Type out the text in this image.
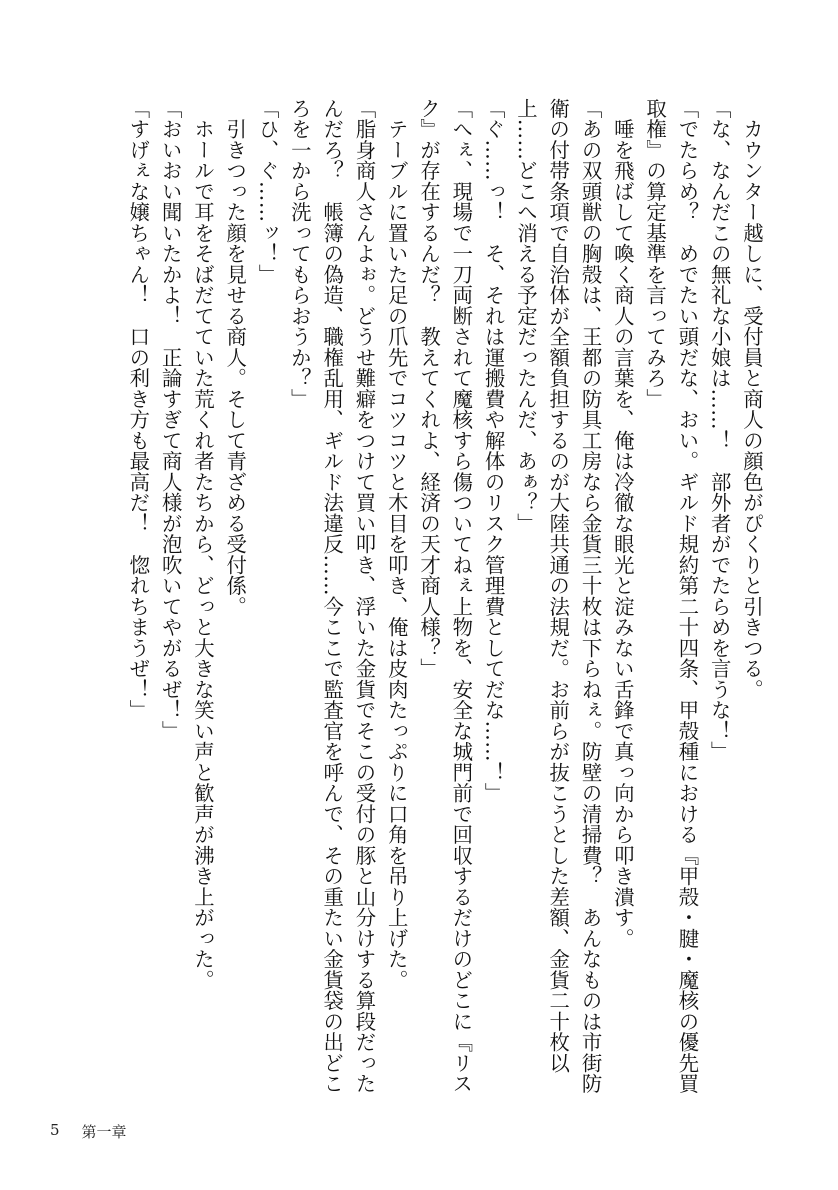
　カウンター越しに、受付員と商人の顔色がぴくりと引きつる。

「な、なんだこの無礼な小娘は……！　部外者がでたらめを言うな！」

「でたらめ？　めでたい頭だな、おい。ギルド規約第二十四条、甲殻種における『甲殻・腱・魔核の優先買取権』の算定基準を言ってみろ」

　唾を飛ばして喚く商人の言葉を、俺は冷徹な眼光と淀みない舌鋒で真っ向から叩き潰す。

「あの双頭獣の胸殻は、王都の防具工房なら金貨三十枚は下らねぇ。防壁の清掃費？　あんなものは市街防衛の付帯条項で自治体が全額負担するのが大陸共通の法規だ。お前らが抜こうとした差額、金貨二十枚以上……どこへ消える予定だったんだ、あぁ？」

「ぐ……っ！　そ、それは運搬費や解体のリスク管理費としてだな……！」

「へぇ、現場で一刀両断されて魔核すら傷ついてねぇ上物を、安全な城門前で回収するだけのどこに『リスク』が存在するんだ？　教えてくれよ、経済の天才商人様？」

　テーブルに置いた足の爪先でコツコツと木目を叩き、俺は皮肉たっぷりに口角を吊り上げた。

「脂身商人さんよぉ。どうせ難癖をつけて買い叩き、浮いた金貨でそこの受付の豚と山分けする算段だったんだろ？　帳簿の偽造、職権乱用、ギルド法違反……今ここで監査官を呼んで、その重たい金貨袋の出どころを一から洗ってもらおうか？」

「ひ、ぐ……ッ！」

　引きつった顔を見せる商人。そして青ざめる受付係。

　ホールで耳をそばだてていた荒くれ者たちから、どっと大きな笑い声と歓声が沸き上がった。

「おいおい聞いたかよ！　正論すぎて商人様が泡吹いてやがるぜ！」

「すげぇな嬢ちゃん！　口の利き方も最高だ！　惚れちまうぜ！」

5 第一章
